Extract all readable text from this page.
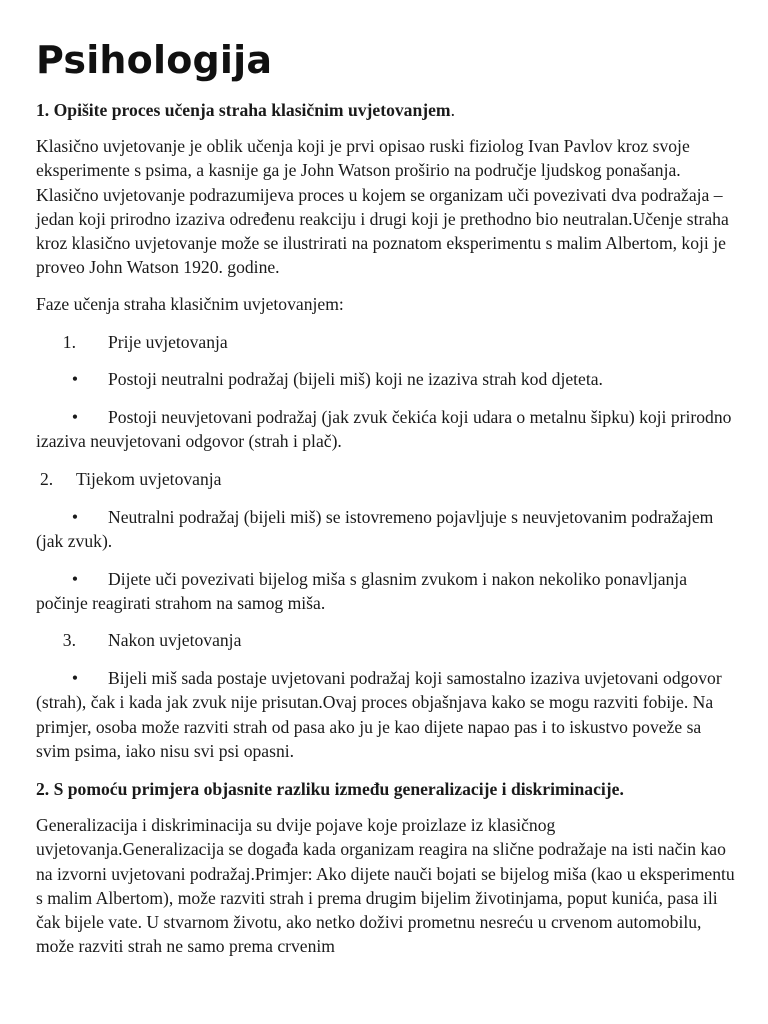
Psihologija
1. Opišite proces učenja straha klasičnim uvjetovanjem.
Klasično uvjetovanje je oblik učenja koji je prvi opisao ruski fiziolog Ivan Pavlov kroz svoje eksperimente s psima, a kasnije ga je John Watson proširio na područje ljudskog ponašanja. Klasično uvjetovanje podrazumijeva proces u kojem se organizam uči povezivati dva podražaja – jedan koji prirodno izaziva određenu reakciju i drugi koji je prethodno bio neutralan.Učenje straha kroz klasično uvjetovanje može se ilustrirati na poznatom eksperimentu s malim Albertom, koji je proveo John Watson 1920. godine.
Faze učenja straha klasičnim uvjetovanjem:
1. Prije uvjetovanja
• Postoji neutralni podražaj (bijeli miš) koji ne izaziva strah kod djeteta.
• Postoji neuvjetovani podražaj (jak zvuk čekića koji udara o metalnu šipku) koji prirodno izaziva neuvjetovani odgovor (strah i plač).
2. Tijekom uvjetovanja
• Neutralni podražaj (bijeli miš) se istovremeno pojavljuje s neuvjetovanim podražajem (jak zvuk).
• Dijete uči povezivati bijelog miša s glasnim zvukom i nakon nekoliko ponavljanja počinje reagirati strahom na samog miša.
3. Nakon uvjetovanja
• Bijeli miš sada postaje uvjetovani podražaj koji samostalno izaziva uvjetovani odgovor (strah), čak i kada jak zvuk nije prisutan.Ovaj proces objašnjava kako se mogu razviti fobije. Na primjer, osoba može razviti strah od pasa ako ju je kao dijete napao pas i to iskustvo poveže sa svim psima, iako nisu svi psi opasni.
2. S pomoću primjera objasnite razliku između generalizacije i diskriminacije.
Generalizacija i diskriminacija su dvije pojave koje proizlaze iz klasičnog uvjetovanja.Generalizacija se događa kada organizam reagira na slične podražaje na isti način kao na izvorni uvjetovani podražaj.Primjer: Ako dijete nauči bojati se bijelog miša (kao u eksperimentu s malim Albertom), može razviti strah i prema drugim bijelim životinjama, poput kunića, pasa ili čak bijele vate. U stvarnom životu, ako netko doživi prometnu nesreću u crvenom automobilu, može razviti strah ne samo prema crvenim
